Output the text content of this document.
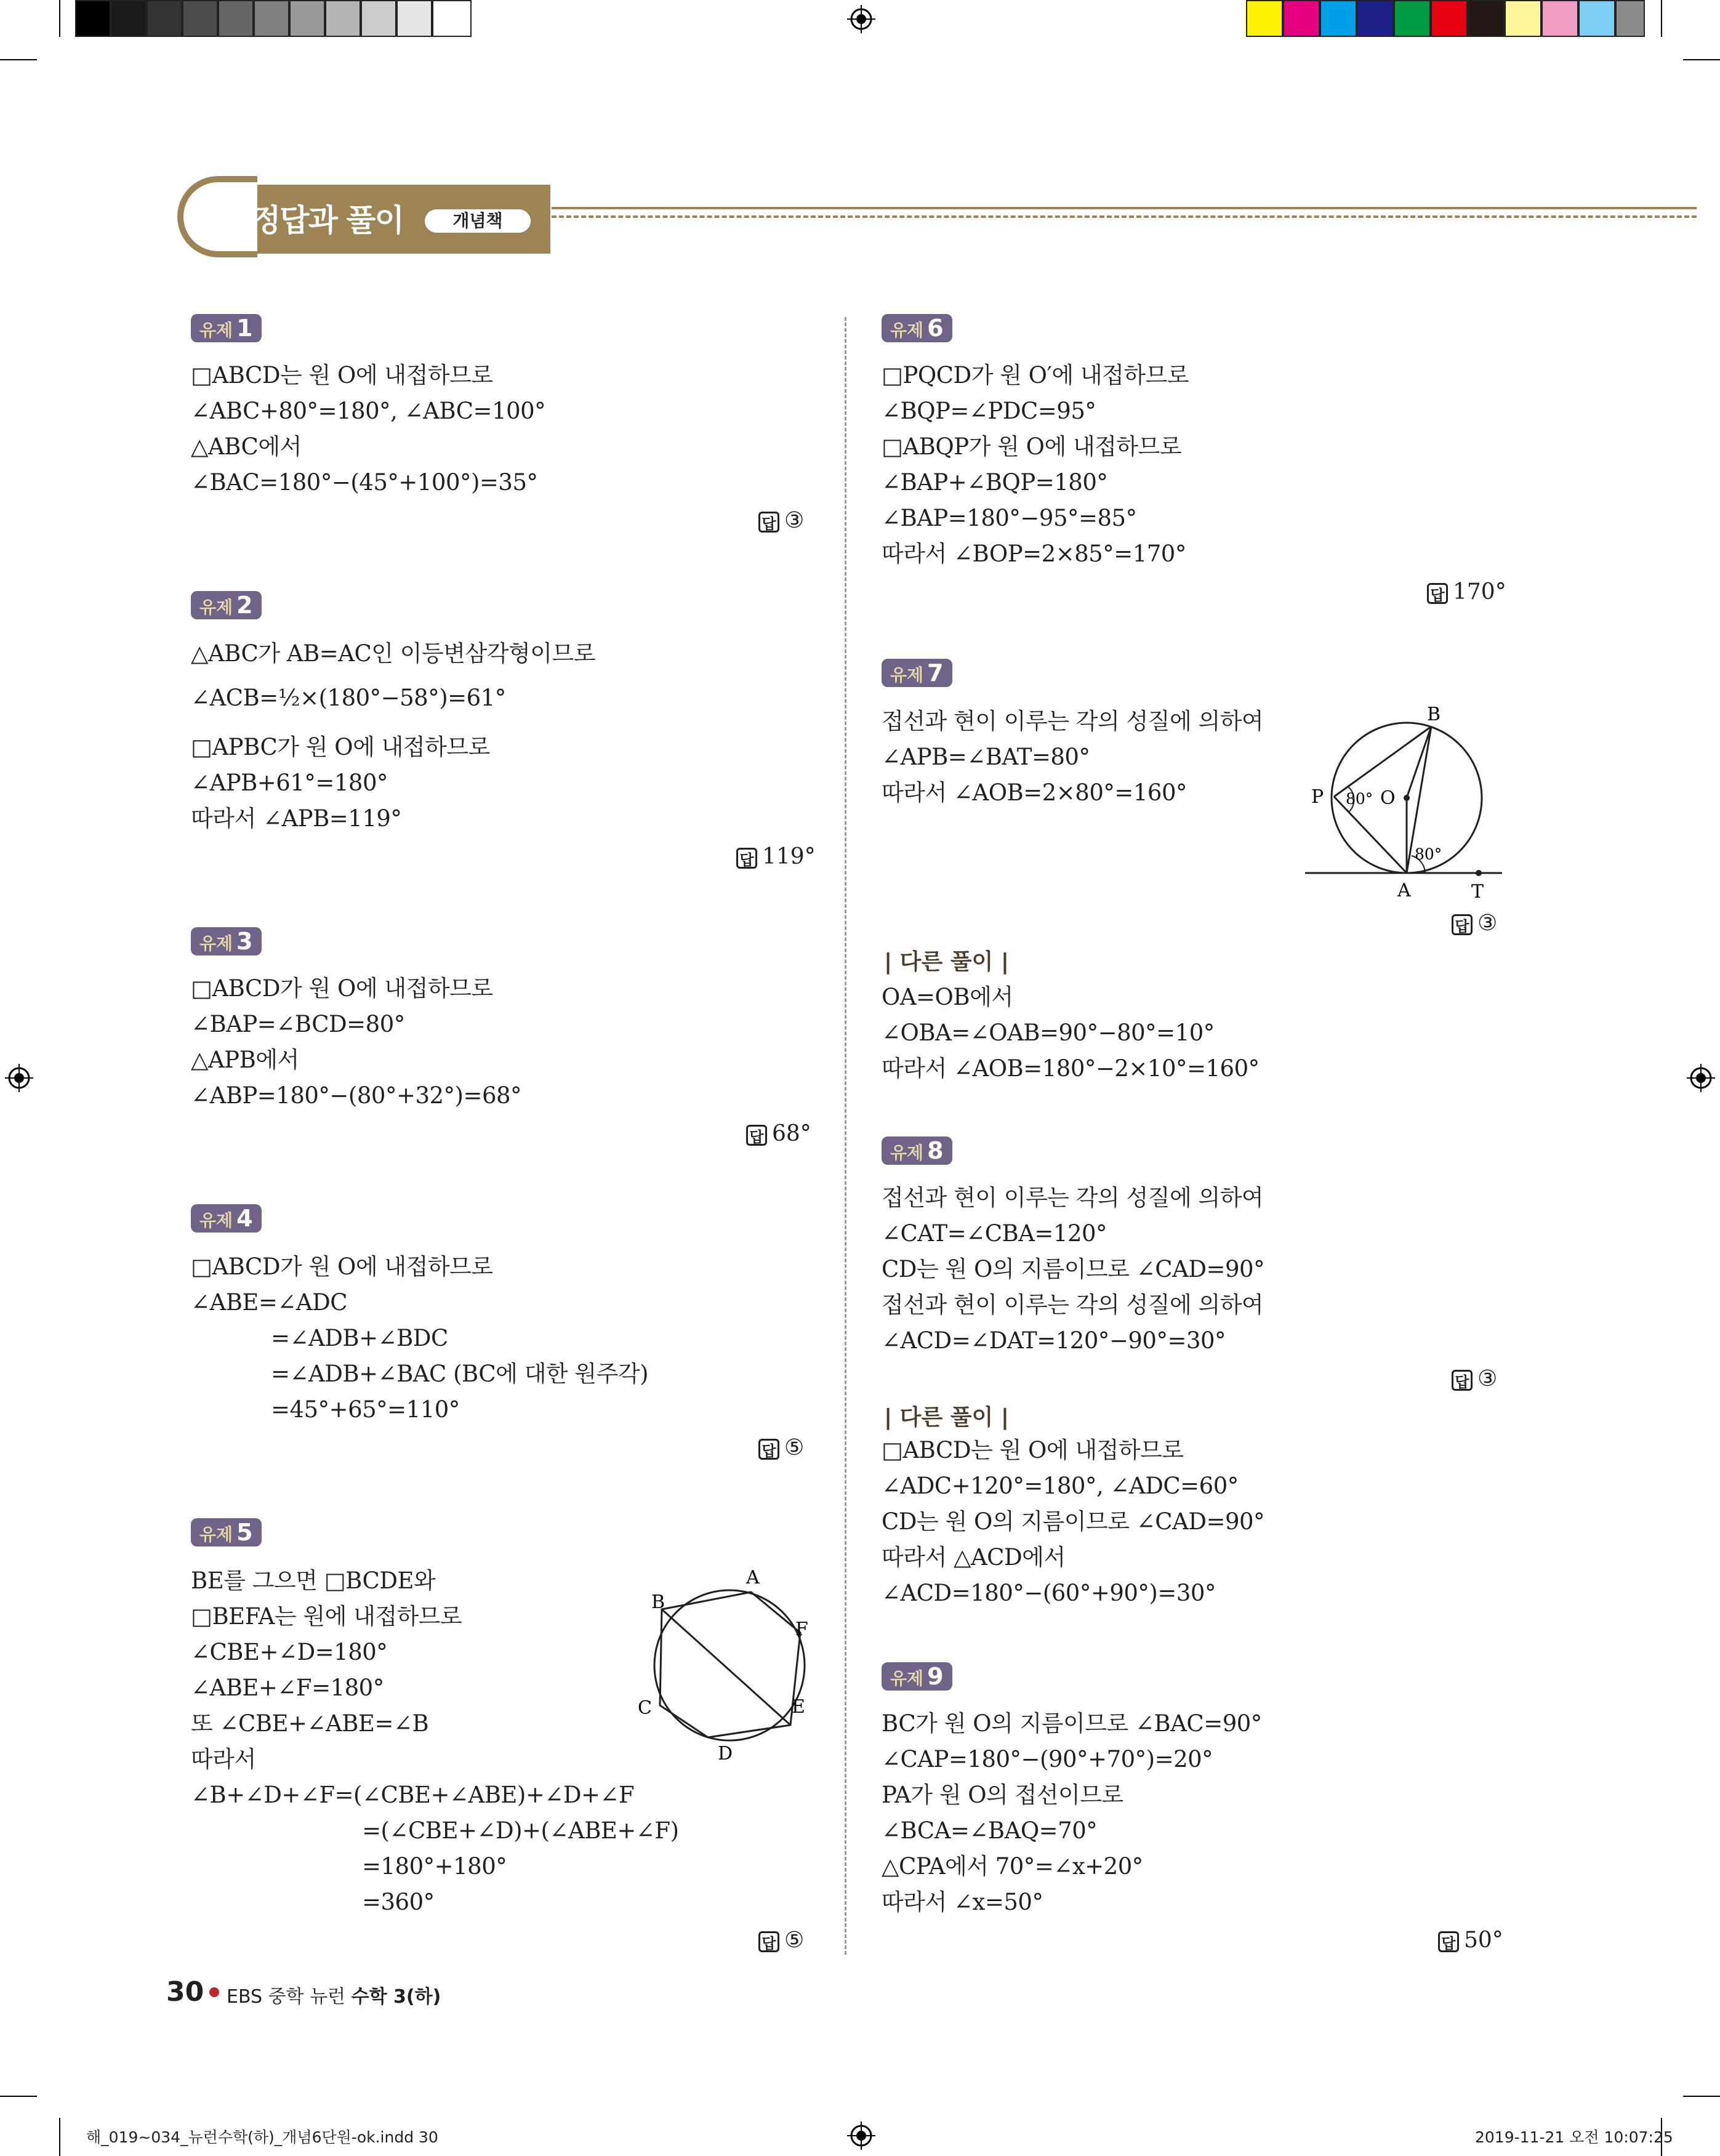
정답과 풀이	개념책
유제 1
□ABCD는 원 O에 내접하므로
∠ABC+80°=180°, ∠ABC=100°
△ABC에서
∠BAC=180°−(45°+100°)=35°
답 ③
유제 2
△ABC가 AB=AC인 이등변삼각형이므로
∠ACB=½×(180°−58°)=61°
□APBC가 원 O에 내접하므로
∠APB+61°=180°
따라서 ∠APB=119°
답 119°
유제 3
□ABCD가 원 O에 내접하므로
∠BAP=∠BCD=80°
△APB에서
∠ABP=180°−(80°+32°)=68°
답 68°
유제 4
□ABCD가 원 O에 내접하므로
∠ABE=∠ADC
=∠ADB+∠BDC
=∠ADB+∠BAC (BC에 대한 원주각)
=45°+65°=110°
답 ⑤
유제 5
BE를 그으면 □BCDE와
□BEFA는 원에 내접하므로
∠CBE+∠D=180°
∠ABE+∠F=180°
또 ∠CBE+∠ABE=∠B
따라서
∠B+∠D+∠F=(∠CBE+∠ABE)+∠D+∠F
=(∠CBE+∠D)+(∠ABE+∠F)
=180°+180°
=360°
답 ⑤
A
B
C
D
E
F
유제 6
□PQCD가 원 O′에 내접하므로
∠BQP=∠PDC=95°
□ABQP가 원 O에 내접하므로
∠BAP+∠BQP=180°
∠BAP=180°−95°=85°
따라서 ∠BOP=2×85°=170°
답 170°
유제 7
접선과 현이 이루는 각의 성질에 의하여
∠APB=∠BAT=80°
따라서 ∠AOB=2×80°=160°
답 ③
A
B
P	O
T
80°
80°
| 다른 풀이 |
OA=OB에서
∠OBA=∠OAB=90°−80°=10°
따라서 ∠AOB=180°−2×10°=160°
유제 8
접선과 현이 이루는 각의 성질에 의하여
∠CAT=∠CBA=120°
CD는 원 O의 지름이므로 ∠CAD=90°
접선과 현이 이루는 각의 성질에 의하여
∠ACD=∠DAT=120°−90°=30°
답 ③
| 다른 풀이 |
□ABCD는 원 O에 내접하므로
∠ADC+120°=180°, ∠ADC=60°
CD는 원 O의 지름이므로 ∠CAD=90°
따라서 △ACD에서
∠ACD=180°−(60°+90°)=30°
유제 9
BC가 원 O의 지름이므로 ∠BAC=90°
∠CAP=180°−(90°+70°)=20°
PA가 원 O의 접선이므로
∠BCA=∠BAQ=70°
△CPA에서 70°=∠x+20°
따라서 ∠x=50°
답 50°
30 EBS 중학 뉴런 수학 3(하)
해_019~034_뉴런수학(하)_개념6단원-ok.indd 30	2019-11-21 오전 10:07:25
